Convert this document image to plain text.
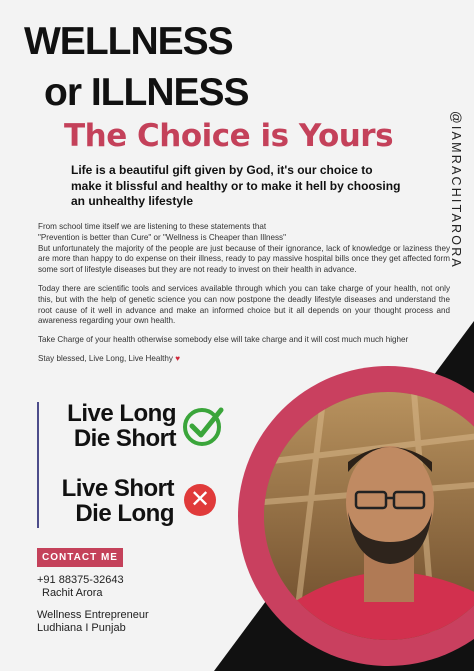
@IAMRACHITARORA
WELLNESS
or ILLNESS
The Choice is Yours
Life is a beautiful gift given by God, it's our choice to make it blissful and healthy or to make it hell by choosing an unhealthy lifestyle

From school time itself we are listening to these statements that
"Prevention is better than Cure" or "Wellness is Cheaper than Illness"
But unfortunately the majority of the people are just because of their ignorance, lack of knowledge or laziness they are more than happy to do expense on their illness, ready to pay massive hospital bills once they get affected form some sort of lifestyle diseases but they are not ready to invest on their health in advance.

Today there are scientific tools and services available through which you can take charge of your health, not only this, but with the help of genetic science you can now postpone the deadly lifestyle diseases and understand the root cause of it well in advance and make an informed choice but it all depends on your thought process and awareness regarding your own health.

Take Charge of your health otherwise somebody else will take charge and it will cost much much higher

Stay blessed, Live Long, Live Healthy ♥

Live Long
Die Short
Live Short
Die Long
✕
CONTACT ME
+91 88375-32643
Rachit Arora
Wellness Entrepreneur
Ludhiana I Punjab
